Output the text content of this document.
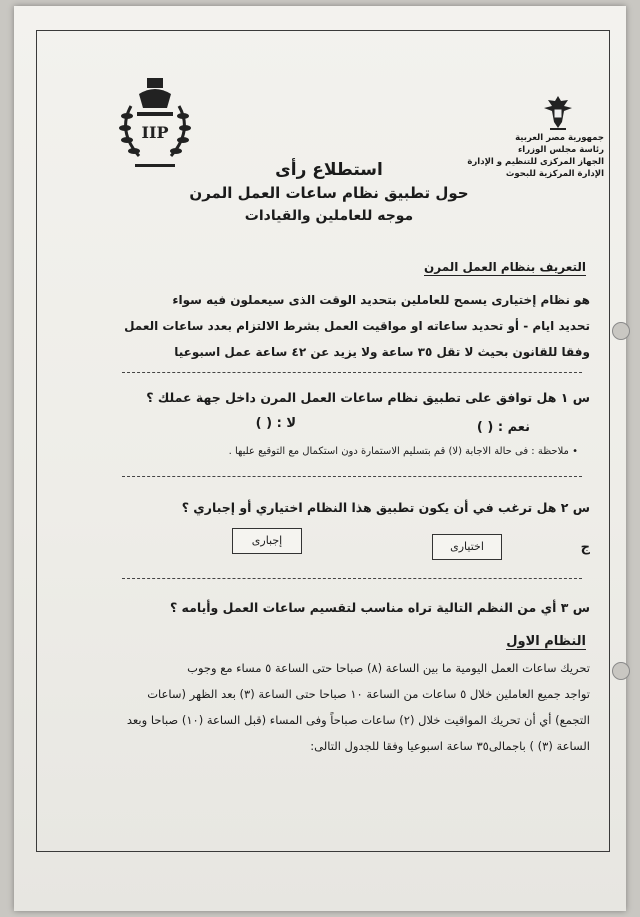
جمهورية مصر العربية
رئاسة مجلس الوزراء
الجهاز المركزى للتنظيم و الإدارة
الإدارة المركزية للبحوث
IIP
استطلاع رأى
حول تطبيق نظام ساعات العمل المرن
موجه للعاملين والقيادات
التعريف بنظام العمل المرن
هو نظام إختيارى يسمح للعاملين بتحديد الوقت الذى سيعملون فيه سواء
تحديد ايام - أو تحديد ساعاته او مواقيت العمل بشرط الالتزام بعدد ساعات العمل
وفقا للقانون بحيث لا تقل ٣٥ ساعة ولا يزيد عن ٤٢ ساعة عمل اسبوعيا
س ١ هل توافق على تطبيق نظام ساعات العمل المرن داخل جهة عملك ؟
نعم : ( )
لا : ( )
• ملاحظة : فى حالة الاجابة (لا) قم بتسليم الاستمارة دون استكمال مع التوقيع عليها .
س ٢ هل ترغب في أن يكون تطبيق هذا النظام اختياري أو إجباري ؟
ج
اختيارى
إجبارى
س ٣ أي من النظم التالية تراه مناسب لتقسيم ساعات العمل وأيامه ؟
النظام الاول
تحريك ساعات العمل اليومية ما بين الساعة (٨) صباحا حتى الساعة ٥ مساء مع وجوب
تواجد جميع العاملين خلال ٥ ساعات من الساعة ١٠ صباحا حتى الساعة (٣) بعد الظهر (ساعات
التجمع) أي أن تحريك المواقيت خلال (٢) ساعات صباحاً وفى المساء (قبل الساعة (١٠) صباحا وبعد
الساعة (٣) ) باجمالى٣٥ ساعة اسبوعيا وفقا للجدول التالى:
